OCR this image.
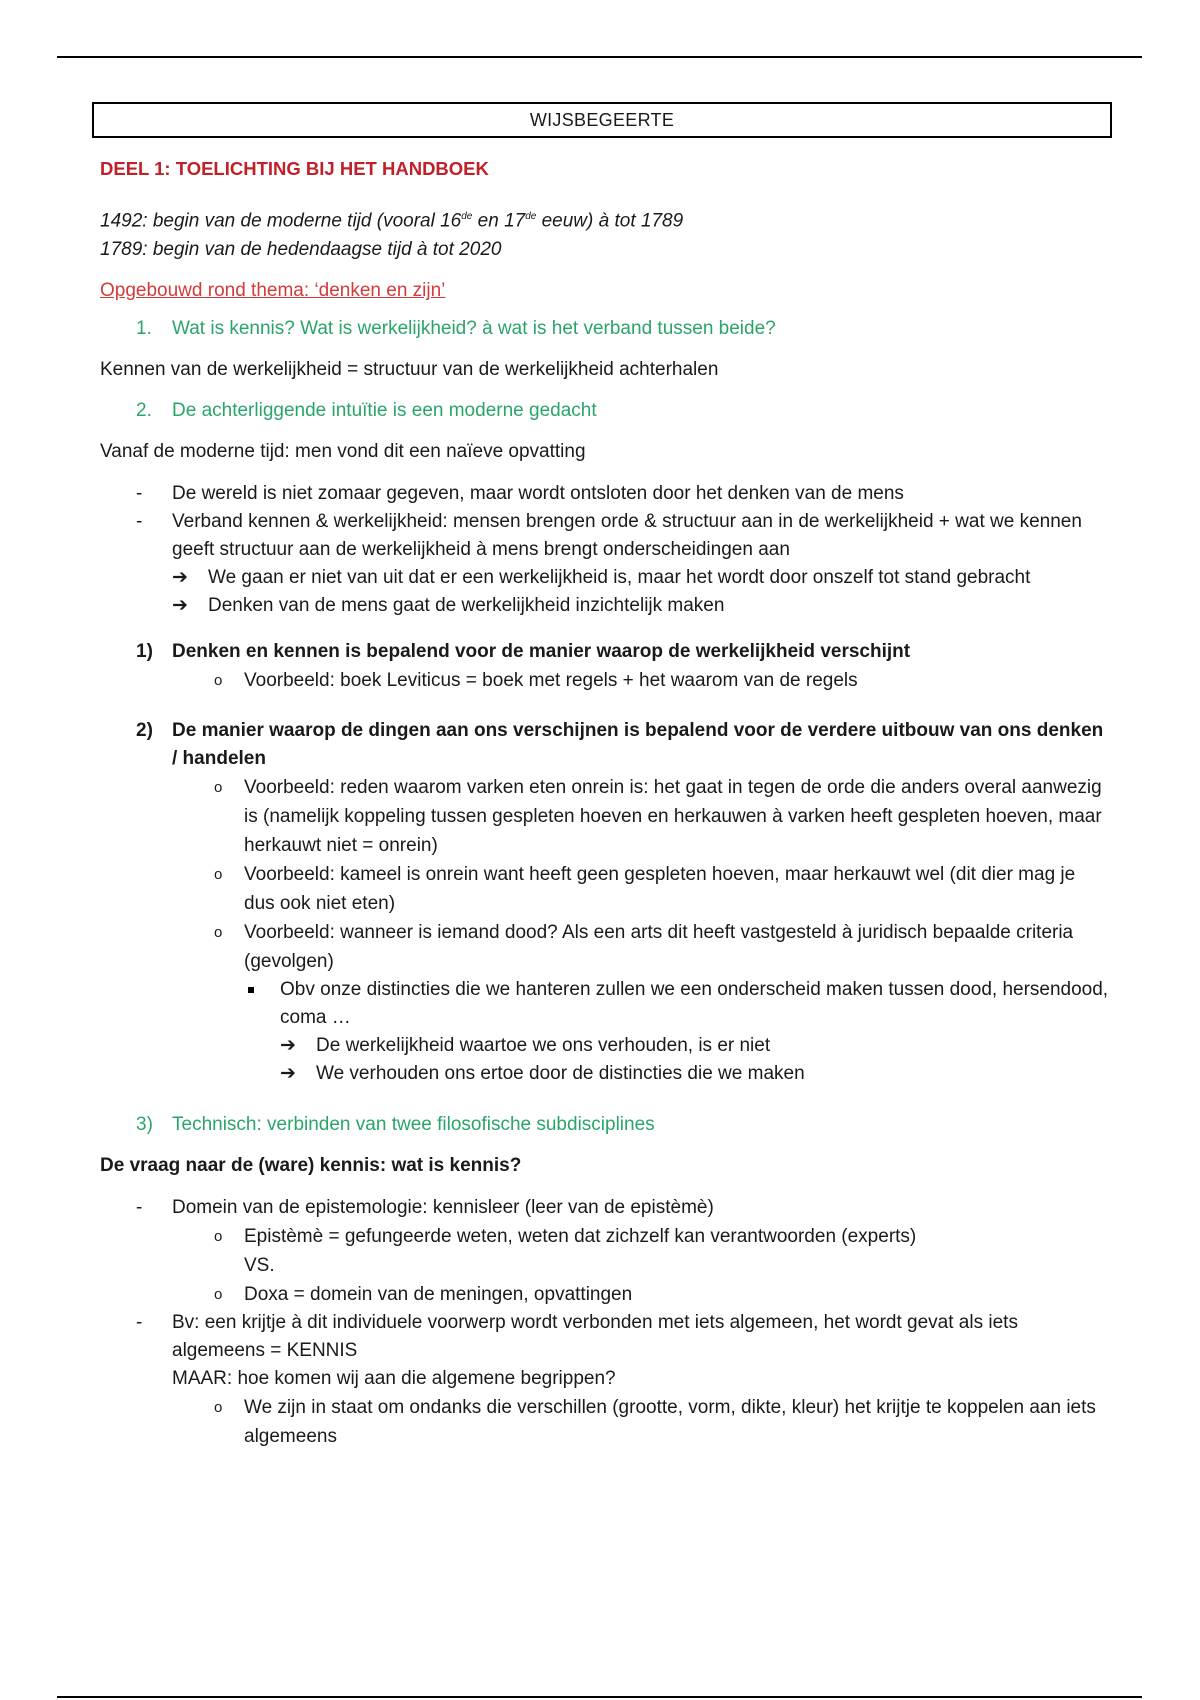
WIJSBEGEERTE
DEEL 1: TOELICHTING BIJ HET HANDBOEK
1492: begin van de moderne tijd (vooral 16de en 17de eeuw) à tot 1789
1789: begin van de hedendaagse tijd à tot 2020
Opgebouwd rond thema: ‘denken en zijn’
1.	Wat is kennis? Wat is werkelijkheid? à wat is het verband tussen beide?
Kennen van de werkelijkheid = structuur van de werkelijkheid achterhalen
2.	De achterliggende intuïtie is een moderne gedacht
Vanaf de moderne tijd: men vond dit een naïeve opvatting
- De wereld is niet zomaar gegeven, maar wordt ontsloten door het denken van de mens
- Verband kennen & werkelijkheid: mensen brengen orde & structuur aan in de werkelijkheid + wat we kennen geeft structuur aan de werkelijkheid à mens brengt onderscheidingen aan
➔ We gaan er niet van uit dat er een werkelijkheid is, maar het wordt door onszelf tot stand gebracht
➔ Denken van de mens gaat de werkelijkheid inzichtelijk maken
1)	Denken en kennen is bepalend voor de manier waarop de werkelijkheid verschijnt
o Voorbeeld: boek Leviticus = boek met regels + het waarom van de regels
2)	De manier waarop de dingen aan ons verschijnen is bepalend voor de verdere uitbouw van ons denken / handelen
o Voorbeeld: reden waarom varken eten onrein is: het gaat in tegen de orde die anders overal aanwezig is (namelijk koppeling tussen gespleten hoeven en herkauwen à varken heeft gespleten hoeven, maar herkauwt niet = onrein)
o Voorbeeld: kameel is onrein want heeft geen gespleten hoeven, maar herkauwt wel (dit dier mag je dus ook niet eten)
o Voorbeeld: wanneer is iemand dood? Als een arts dit heeft vastgesteld à juridisch bepaalde criteria (gevolgen)
Obv onze distincties die we hanteren zullen we een onderscheid maken tussen dood, hersendood, coma …
➔ De werkelijkheid waartoe we ons verhouden, is er niet
➔ We verhouden ons ertoe door de distincties die we maken
3)	Technisch: verbinden van twee filosofische subdisciplines
De vraag naar de (ware) kennis: wat is kennis?
- Domein van de epistemologie: kennisleer (leer van de epistèmè)
o Epistèmè = gefungeerde weten, weten dat zichzelf kan verantwoorden (experts)
VS.
o Doxa = domein van de meningen, opvattingen
- Bv: een krijtje à dit individuele voorwerp wordt verbonden met iets algemeen, het wordt gevat als iets algemeens = KENNIS
MAAR: hoe komen wij aan die algemene begrippen?
o We zijn in staat om ondanks die verschillen (grootte, vorm, dikte, kleur) het krijtje te koppelen aan iets algemeens
